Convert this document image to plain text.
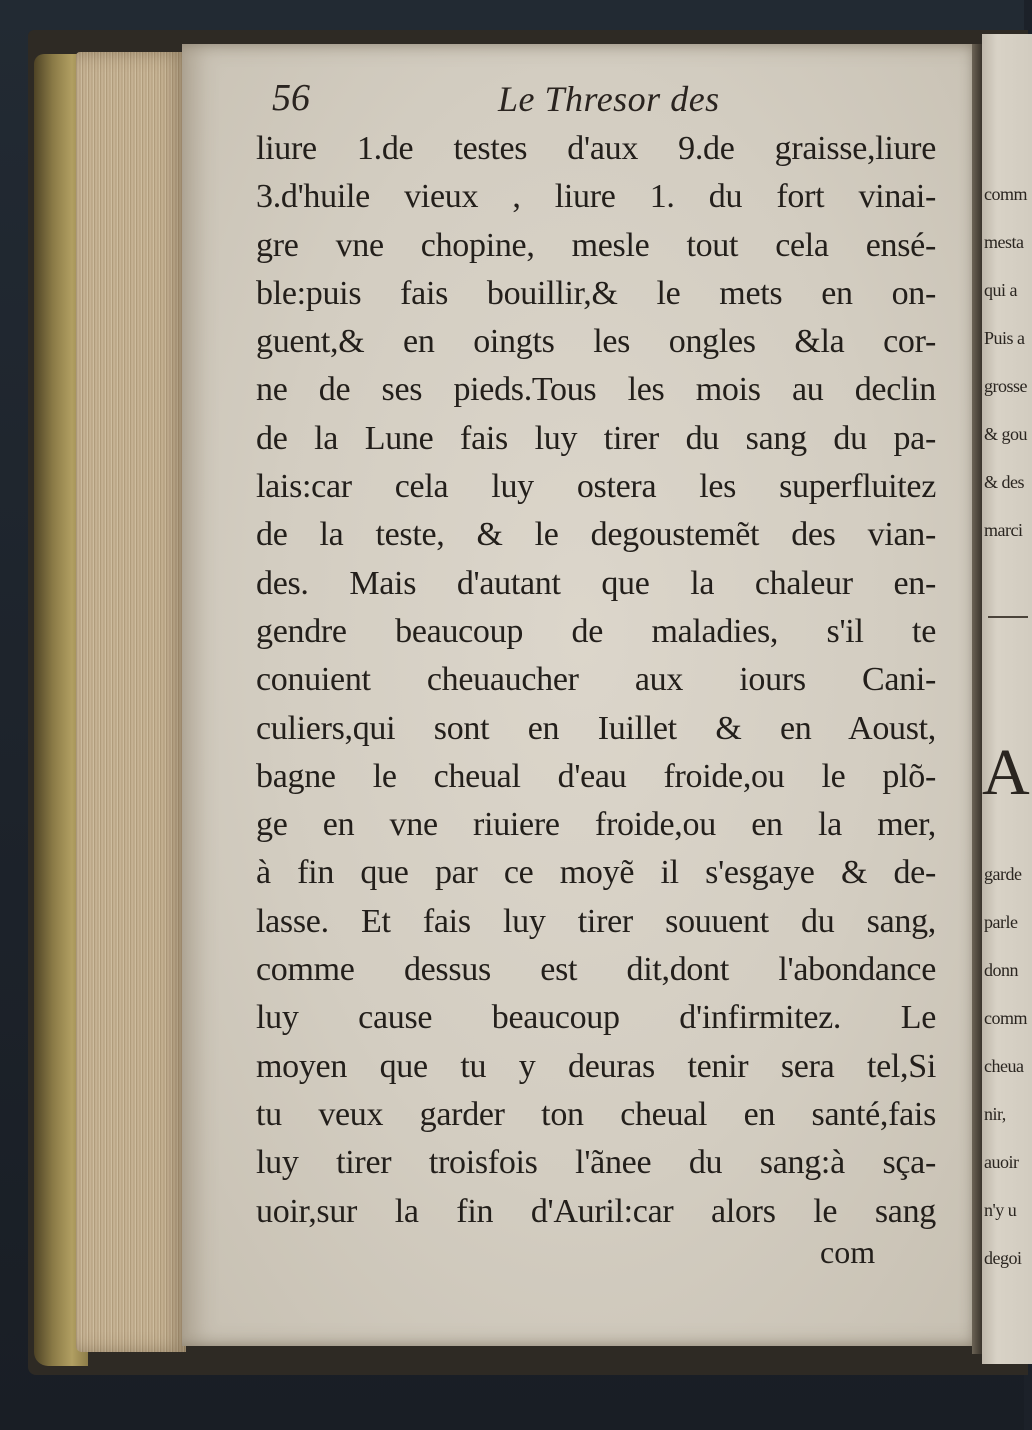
56	Le Thresor des
liure 1.de testes d'aux 9.de graisse,liure
3.d'huile vieux , liure 1. du fort vinai-
gre vne chopine, mesle tout cela ensé-
ble:puis fais bouillir,& le mets en on-
guent,& en oingts les ongles &la cor-
ne de ses pieds.Tous les mois au declin
de la Lune fais luy tirer du sang du pa-
lais:car cela luy ostera les superfluitez
de la teste, & le degoustemẽt des vian-
des. Mais d'autant que la chaleur en-
gendre beaucoup de maladies, s'il te
conuient cheuaucher aux iours Cani-
culiers,qui sont en Iuillet & en Aoust,
bagne le cheual d'eau froide,ou le plõ-
ge en vne riuiere froide,ou en la mer,
à fin que par ce moyẽ il s'esgaye & de-
lasse. Et fais luy tirer souuent du sang,
comme dessus est dit,dont l'abondance
luy cause beaucoup d'infirmitez. Le
moyen que tu y deuras tenir sera tel,Si
tu veux garder ton cheual en santé,fais
luy tirer troisfois l'ãnee du sang:à sça-
uoir,sur la fin d'Auril:car alors le sang
com
comm
mesta
qui a
Puis a
grosse
& gou
& des
marci
A
garde
parle
donn
comm
cheua
nir,
auoir
n'y u
degoi
